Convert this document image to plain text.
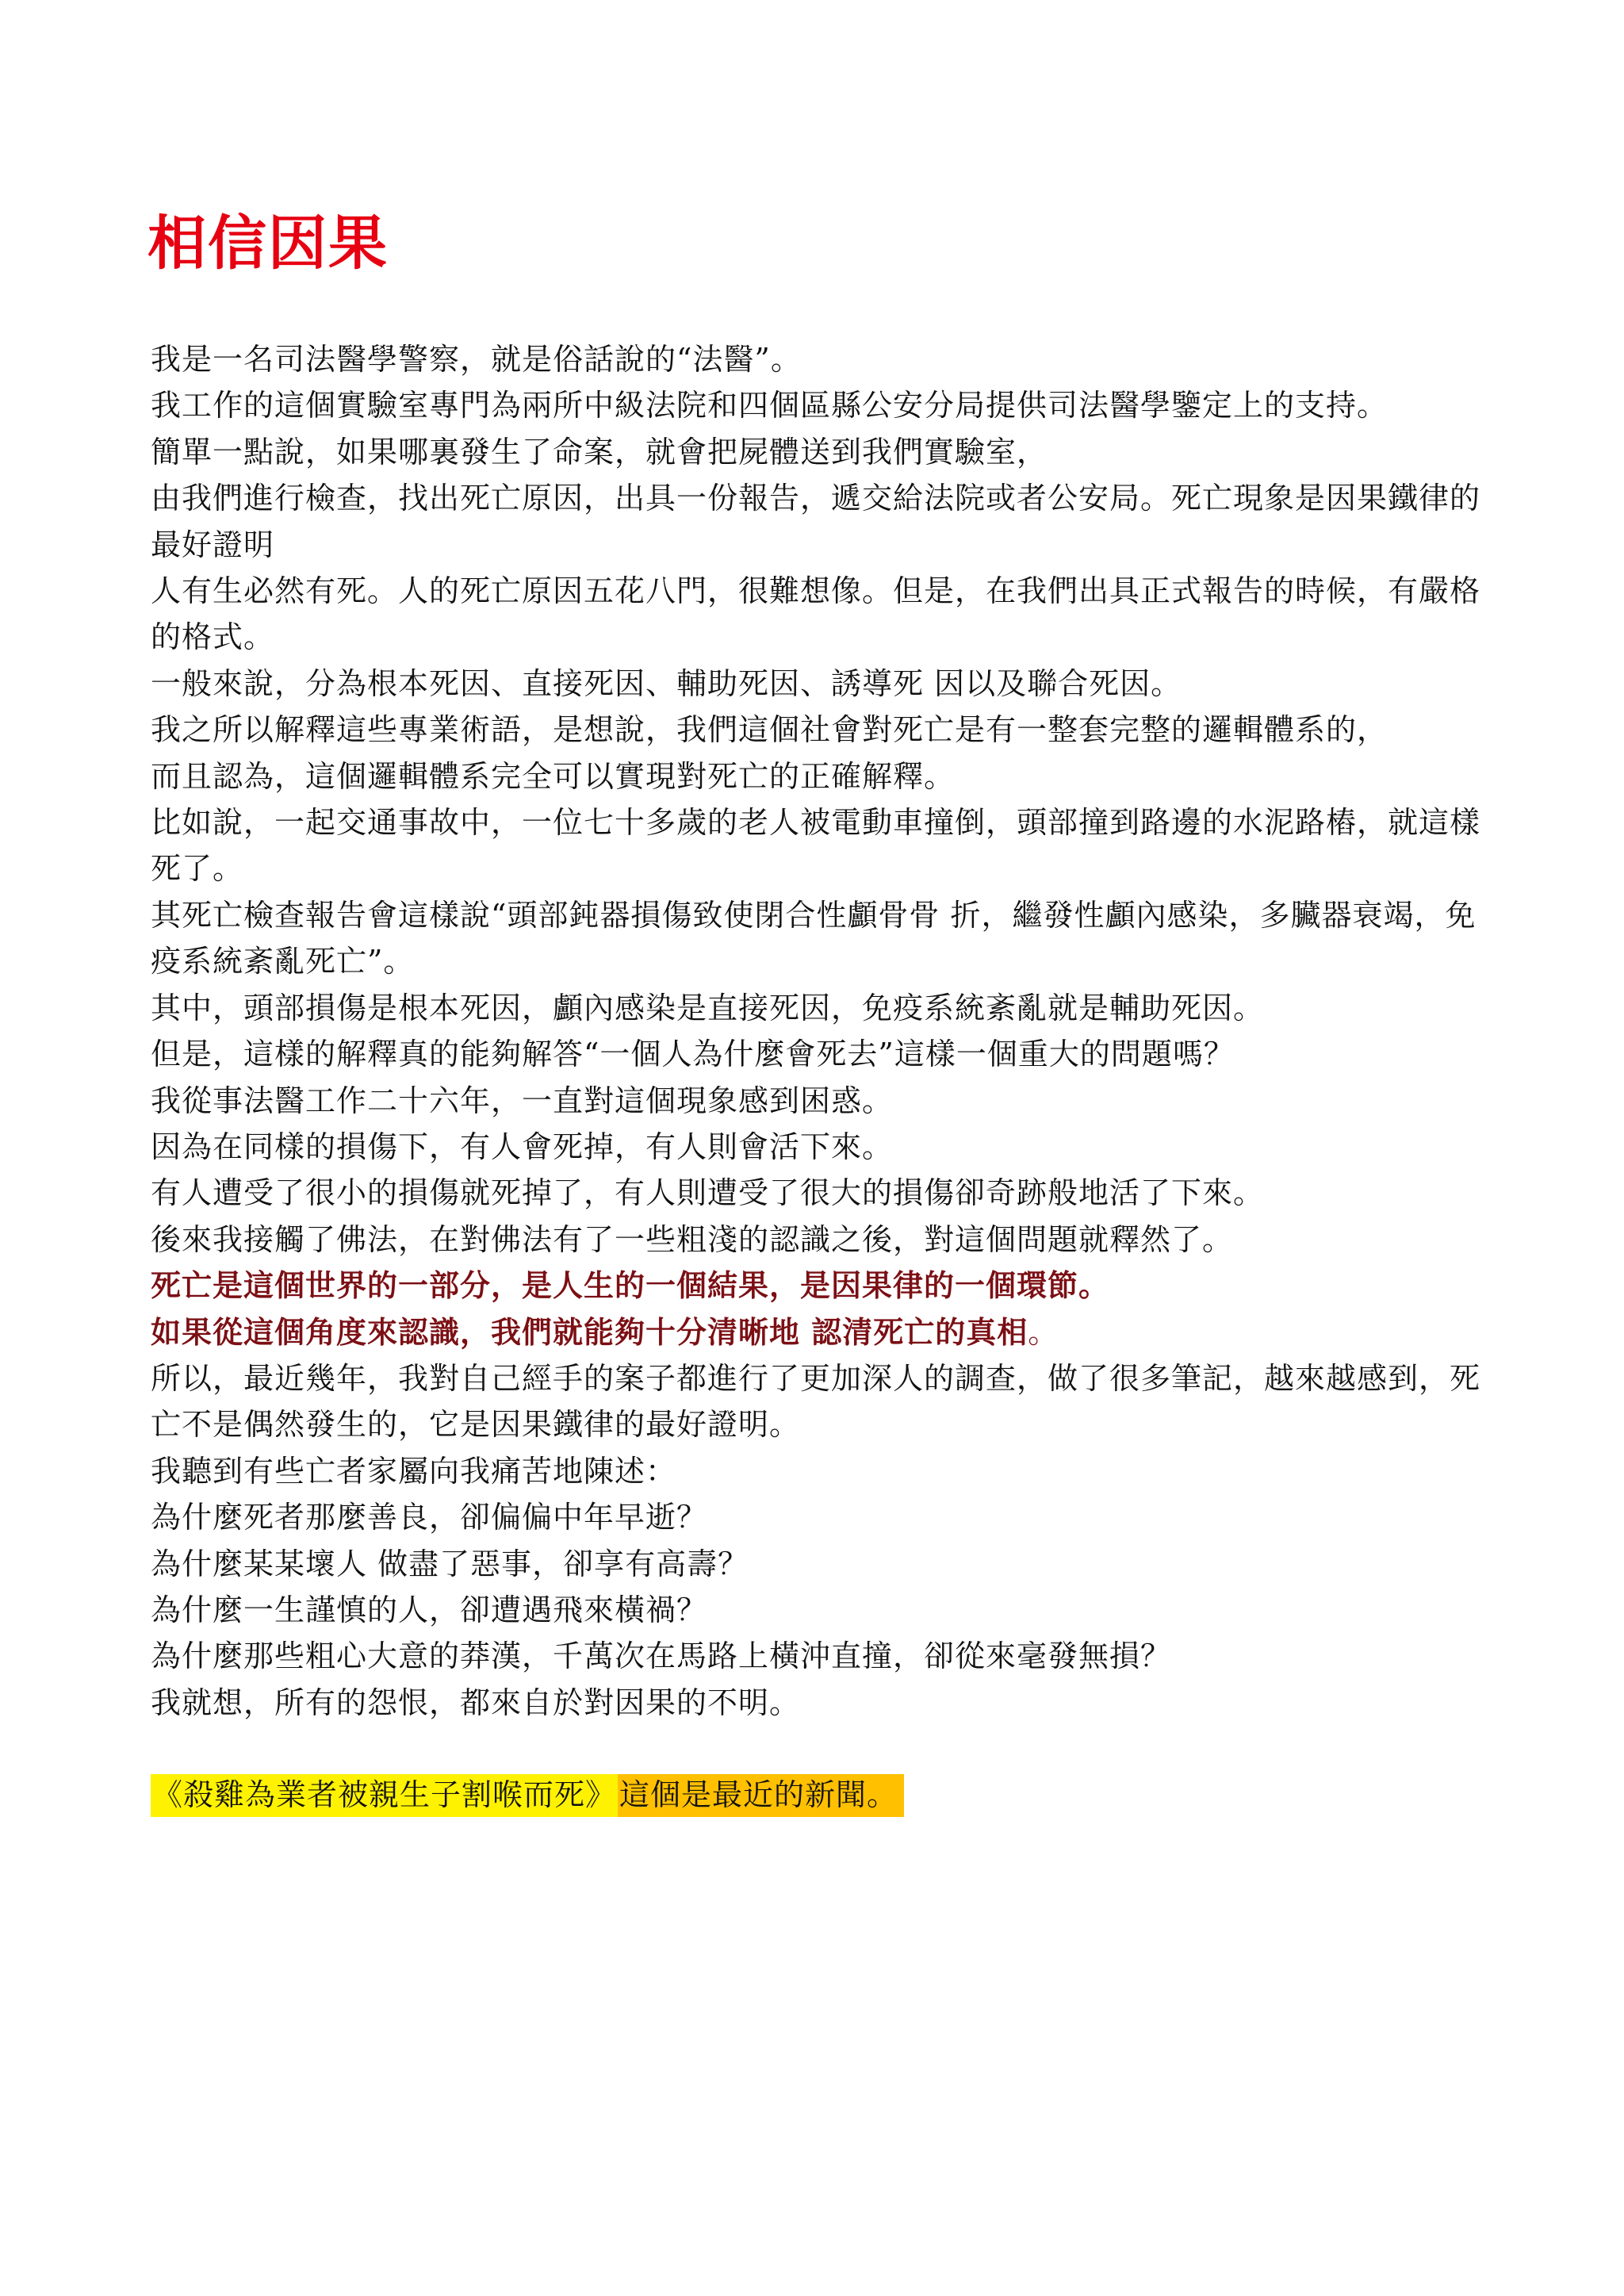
相信因果

我是一名司法醫學警察，就是俗話說的“法醫”。

我工作的這個實驗室專門為兩所中級法院和四個區縣公安分局提供司法醫學鑒定上的支持。

簡單一點說，如果哪裏發生了命案，就會把屍體送到我們實驗室，

由我們進行檢查，找出死亡原因，出具一份報告，遞交給法院或者公安局。死亡現象是因果鐵律的最好證明

人有生必然有死。人的死亡原因五花八門，很難想像。但是，在我們出具正式報告的時候，有嚴格的格式。

一般來說，分為根本死因、直接死因、輔助死因、誘導死 因以及聯合死因。

我之所以解釋這些專業術語，是想說，我們這個社會對死亡是有一整套完整的邏輯體系的，

而且認為，這個邏輯體系完全可以實現對死亡的正確解釋。

比如說，一起交通事故中，一位七十多歲的老人被電動車撞倒，頭部撞到路邊的水泥路樁，就這樣死了。

其死亡檢查報告會這樣說“頭部鈍器損傷致使閉合性顱骨骨 折，繼發性顱內感染，多臟器衰竭，免疫系統紊亂死亡”。

其中，頭部損傷是根本死因，顱內感染是直接死因，免疫系統紊亂就是輔助死因。

但是，這樣的解釋真的能夠解答“一個人為什麼會死去”這樣一個重大的問題嗎？

我從事法醫工作二十六年，一直對這個現象感到困惑。

因為在同樣的損傷下，有人會死掉，有人則會活下來。

有人遭受了很小的損傷就死掉了，有人則遭受了很大的損傷卻奇跡般地活了下來。

後來我接觸了佛法，在對佛法有了一些粗淺的認識之後，對這個問題就釋然了。

死亡是這個世界的一部分，是人生的一個結果，是因果律的一個環節。

如果從這個角度來認識，我們就能夠十分清晰地 認清死亡的真相。

所以，最近幾年，我對自己經手的案子都進行了更加深人的調查，做了很多筆記，越來越感到，死亡不是偶然發生的，它是因果鐵律的最好證明。

我聽到有些亡者家屬向我痛苦地陳述：

為什麼死者那麼善良，卻偏偏中年早逝？

為什麼某某壞人 做盡了惡事，卻享有高壽？

為什麼一生謹慎的人，卻遭遇飛來橫禍？

為什麼那些粗心大意的莽漢，千萬次在馬路上橫沖直撞，卻從來毫發無損？

我就想，所有的怨恨，都來自於對因果的不明。

《殺雞為業者被親生子割喉而死》 這個是最近的新聞。
